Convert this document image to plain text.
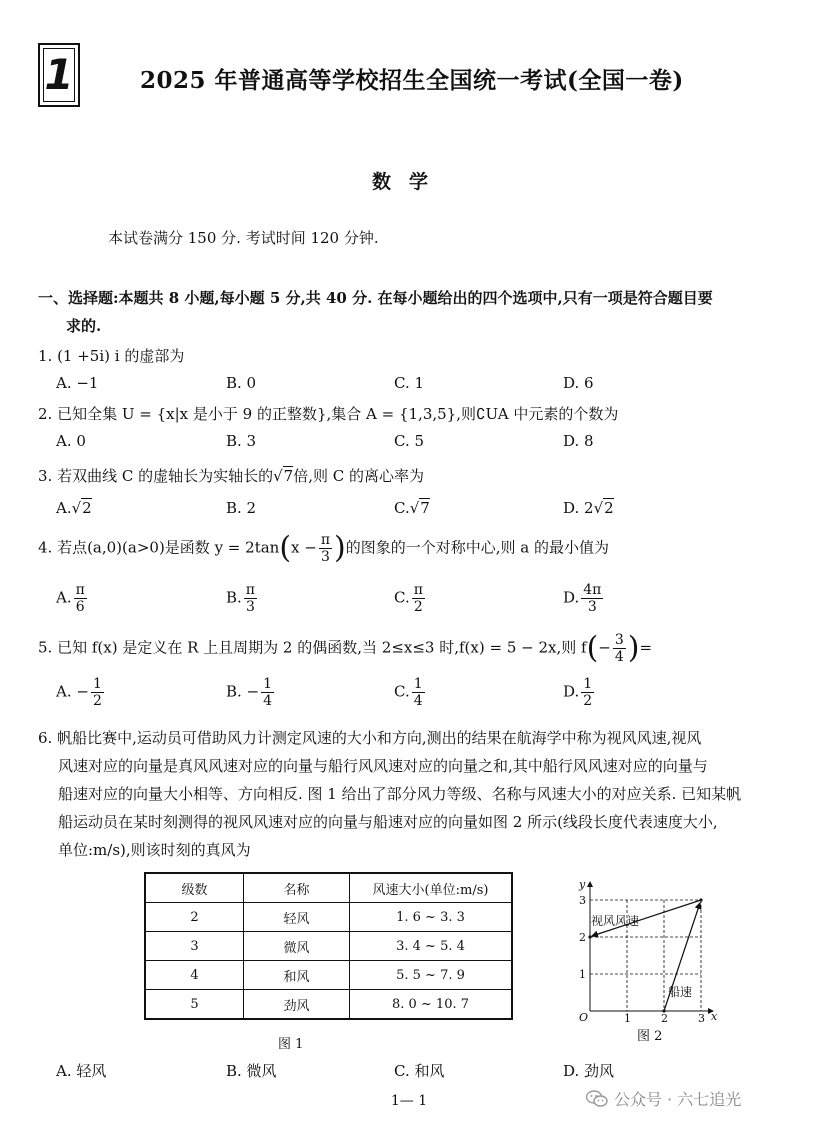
1	2025 年普通高等学校招生全国统一考试(全国一卷)
数学
本试卷满分 150 分. 考试时间 120 分钟.
一、选择题:本题共 8 小题,每小题 5 分,共 40 分. 在每小题给出的四个选项中,只有一项是符合题目要
求的.
1. (1 +5i) i 的虚部为
A. −1	B. 0	C. 1	D. 6
2. 已知全集 U = {x|x 是小于 9 的正整数},集合 A = {1,3,5},则∁UA 中元素的个数为
A. 0	B. 3	C. 5	D. 8
3. 若双曲线 C 的虚轴长为实轴长的√7倍,则 C 的离心率为
A.√2	B. 2	C.√7	D. 2√2
4. 若点(a,0)(a>0)是函数 $y = 2\tan(x - \frac{\pi}{3}$ )的图象的一个对称中心,则 a 的最小值为
A. $\frac{\pi}{6}$	B. $\frac{\pi}{3}$	C. $\frac{\pi}{2}$	D. $\frac{4\pi}{3}$
5. 已知 f(x) 是定义在 R 上且周期为 2 的偶函数,当 2≤x≤3 时,f(x) = 5 − 2x,则 $f(- \frac{3}{4}$ )=
A. − $\frac{1}{2}$	B. − $\frac{1}{4}$	C. $\frac{1}{4}$	D. $\frac{1}{2}$
6. 帆船比赛中,运动员可借助风力计测定风速的大小和方向,测出的结果在航海学中称为视风风速,视风
风速对应的向量是真风风速对应的向量与船行风风速对应的向量之和,其中船行风风速对应的向量与
船速对应的向量大小相等、方向相反. 图 1 给出了部分风力等级、名称与风速大小的对应关系. 已知某帆
船运动员在某时刻测得的视风风速对应的向量与船速对应的向量如图 2 所示(线段长度代表速度大小,
单位:m/s),则该时刻的真风为
级数	名称	风速大小(单位:m/s)
2	轻风	1. 6 ~ 3. 3
3	微风	3. 4 ~ 5. 4
4	和风	5. 5 ~ 7. 9
5	劲风	8. 0 ~ 10. 7
图 1
y
x
O	1	2	3
1
2
3
视风风速
船速
图 2
A. 轻风	B. 微风	C. 和风	D. 劲风
1— 1	公众号 · 六七追光
